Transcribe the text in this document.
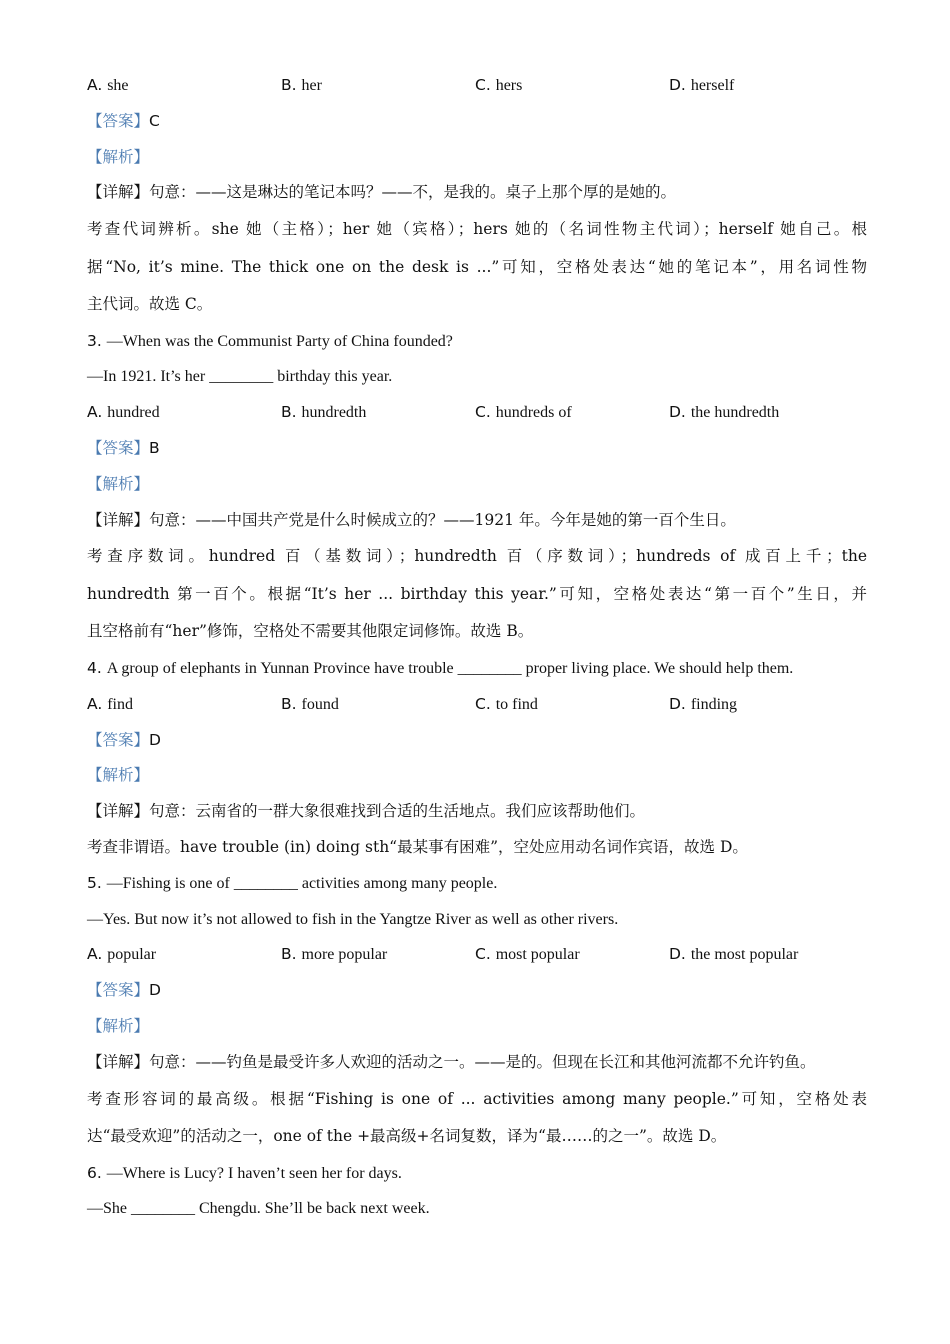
A. she	B. her	C. hers	D. herself
【答案】C
【解析】
【详解】句意：——这是琳达的笔记本吗？——不，是我的。桌子上那个厚的是她的。
考查代词辨析。she 她（主格）；her 她（宾格）；hers 她的（名词性物主代词）；herself 她自己。根
据“No, it’s mine. The thick one on the desk is ...”可知，空格处表达“她的笔记本”，用名词性物
主代词。故选 C。
3. —When was the Communist Party of China founded?
—In 1921. It’s her ________ birthday this year.
A. hundred	B. hundredth	C. hundreds of	D. the hundredth
【答案】B
【解析】
【详解】句意：——中国共产党是什么时候成立的？——1921 年。今年是她的第一百个生日。
考查序数词。hundred 百（基数词）；hundredth 百（序数词）；hundreds of 成百上千；the
hundredth 第一百个。根据“It’s her ... birthday this year.”可知，空格处表达“第一百个”生日，并
且空格前有“her”修饰，空格处不需要其他限定词修饰。故选 B。
4. A group of elephants in Yunnan Province have trouble ________ proper living place. We should help them.
A. find	B. found	C. to find	D. finding
【答案】D
【解析】
【详解】句意：云南省的一群大象很难找到合适的生活地点。我们应该帮助他们。
考查非谓语。have trouble (in) doing sth“最某事有困难”，空处应用动名词作宾语，故选 D。
5. —Fishing is one of ________ activities among many people.
—Yes. But now it’s not allowed to fish in the Yangtze River as well as other rivers.
A. popular	B. more popular	C. most popular	D. the most popular
【答案】D
【解析】
【详解】句意：——钓鱼是最受许多人欢迎的活动之一。——是的。但现在长江和其他河流都不允许钓鱼。
考查形容词的最高级。根据“Fishing is one of ... activities among many people.”可知，空格处表
达“最受欢迎”的活动之一，one of the +最高级+名词复数，译为“最……的之一”。故选 D。
6. —Where is Lucy? I haven’t seen her for days.
—She ________ Chengdu. She’ll be back next week.
